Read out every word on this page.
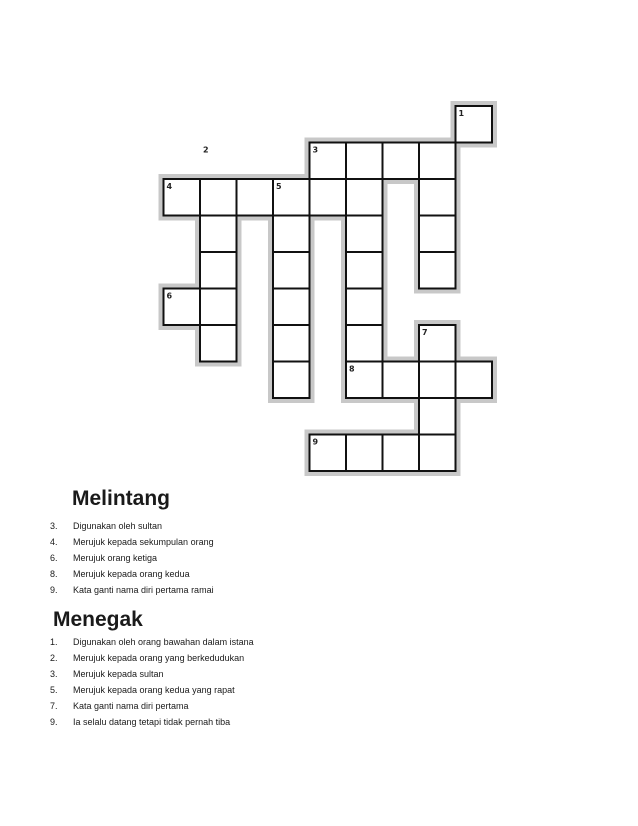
1
2	3
4	5
6
7
8
9
Melintang
3.	Digunakan oleh sultan
4.	Merujuk kepada sekumpulan orang
6.	Merujuk orang ketiga
8.	Merujuk kepada orang kedua
9.	Kata ganti nama diri pertama ramai
Menegak
1.	Digunakan oleh orang bawahan dalam istana
2.	Merujuk kepada orang yang berkedudukan
3.	Merujuk kepada sultan
5.	Merujuk kepada orang kedua yang rapat
7.	Kata ganti nama diri pertama
9.	Ia selalu datang tetapi tidak pernah tiba
